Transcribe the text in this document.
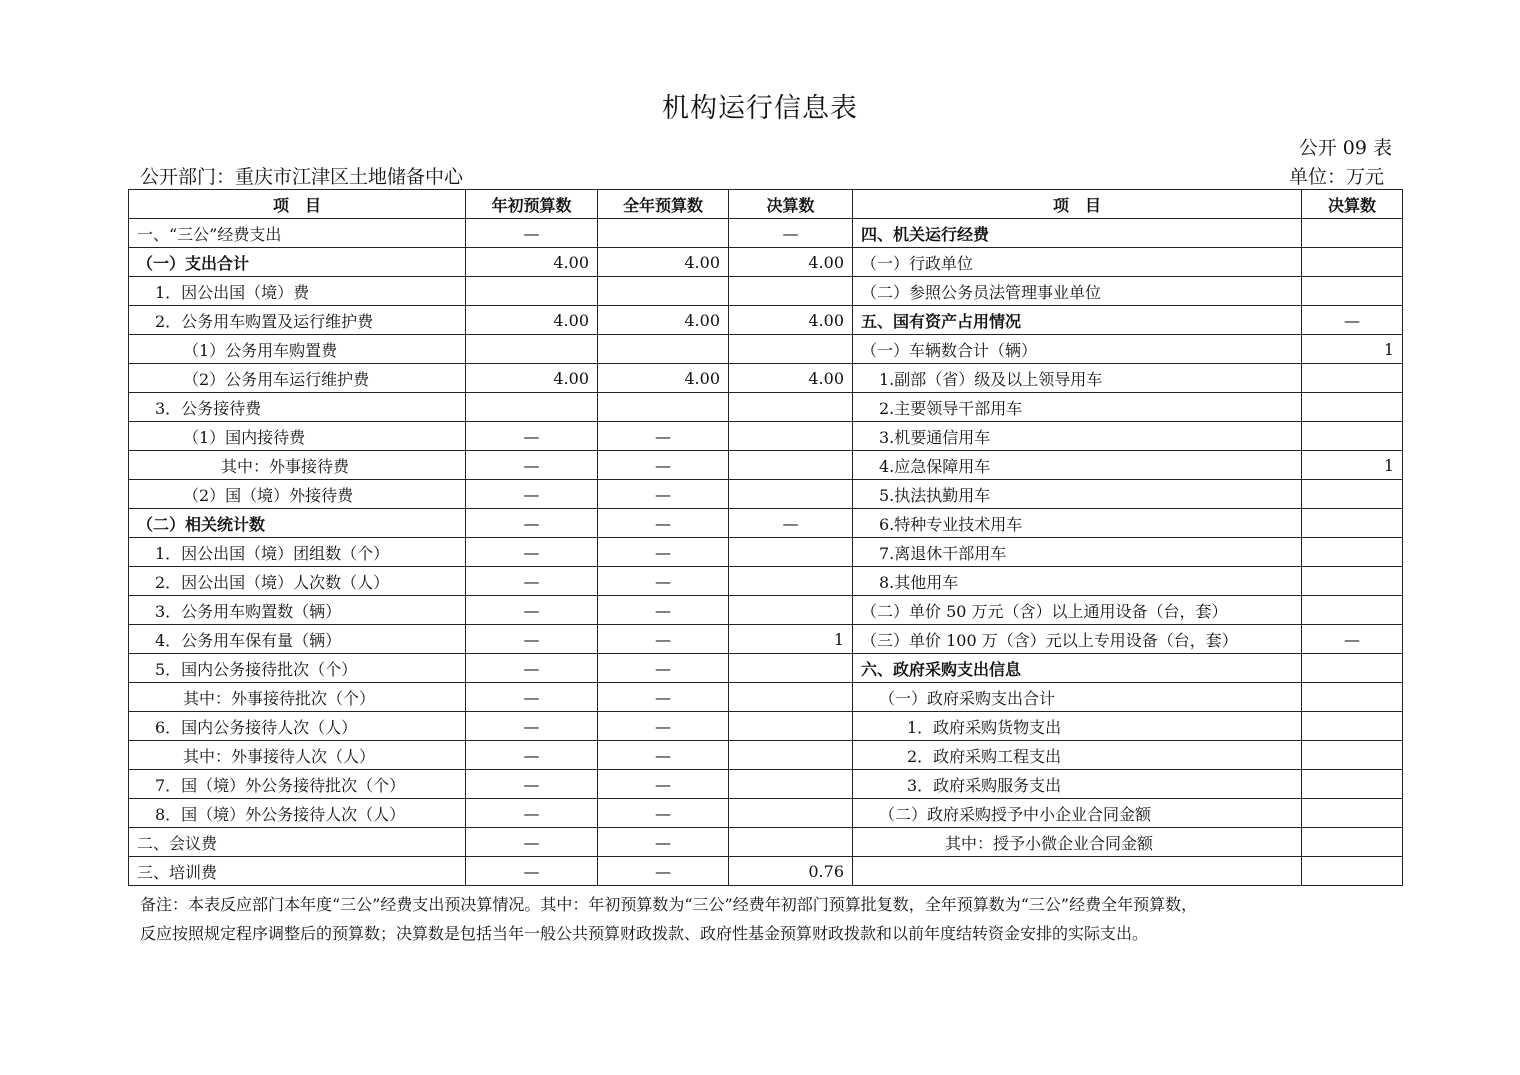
机构运行信息表
公开 09 表
公开部门：重庆市江津区土地储备中心	单位：万元
项　目	年初预算数	全年预算数	决算数	项　目	决算数
一、“三公”经费支出	—		—	四、机关运行经费	
（一）支出合计	4.00	4.00	4.00	（一）行政单位	
1．因公出国（境）费				（二）参照公务员法管理事业单位	
2．公务用车购置及运行维护费	4.00	4.00	4.00	五、国有资产占用情况	—
（1）公务用车购置费				（一）车辆数合计（辆）	1
（2）公务用车运行维护费	4.00	4.00	4.00	1.副部（省）级及以上领导用车	
3．公务接待费				2.主要领导干部用车	
（1）国内接待费	—	—		3.机要通信用车	
其中：外事接待费	—	—		4.应急保障用车	1
（2）国（境）外接待费	—	—		5.执法执勤用车	
（二）相关统计数	—	—	—	6.特种专业技术用车	
1．因公出国（境）团组数（个）	—	—		7.离退休干部用车	
2．因公出国（境）人次数（人）	—	—		8.其他用车	
3．公务用车购置数（辆）	—	—		（二）单价 50 万元（含）以上通用设备（台，套）	
4．公务用车保有量（辆）	—	—	1	（三）单价 100 万（含）元以上专用设备（台，套）	—
5．国内公务接待批次（个）	—	—		六、政府采购支出信息	
其中：外事接待批次（个）	—	—		（一）政府采购支出合计	
6．国内公务接待人次（人）	—	—		1．政府采购货物支出	
其中：外事接待人次（人）	—	—		2．政府采购工程支出	
7．国（境）外公务接待批次（个）	—	—		3．政府采购服务支出	
8．国（境）外公务接待人次（人）	—	—		（二）政府采购授予中小企业合同金额	
二、会议费	—	—		其中：授予小微企业合同金额	
三、培训费	—	—	0.76		
备注：本表反应部门本年度“三公”经费支出预决算情况。其中：年初预算数为“三公”经费年初部门预算批复数，全年预算数为“三公”经费全年预算数，
反应按照规定程序调整后的预算数；决算数是包括当年一般公共预算财政拨款、政府性基金预算财政拨款和以前年度结转资金安排的实际支出。
